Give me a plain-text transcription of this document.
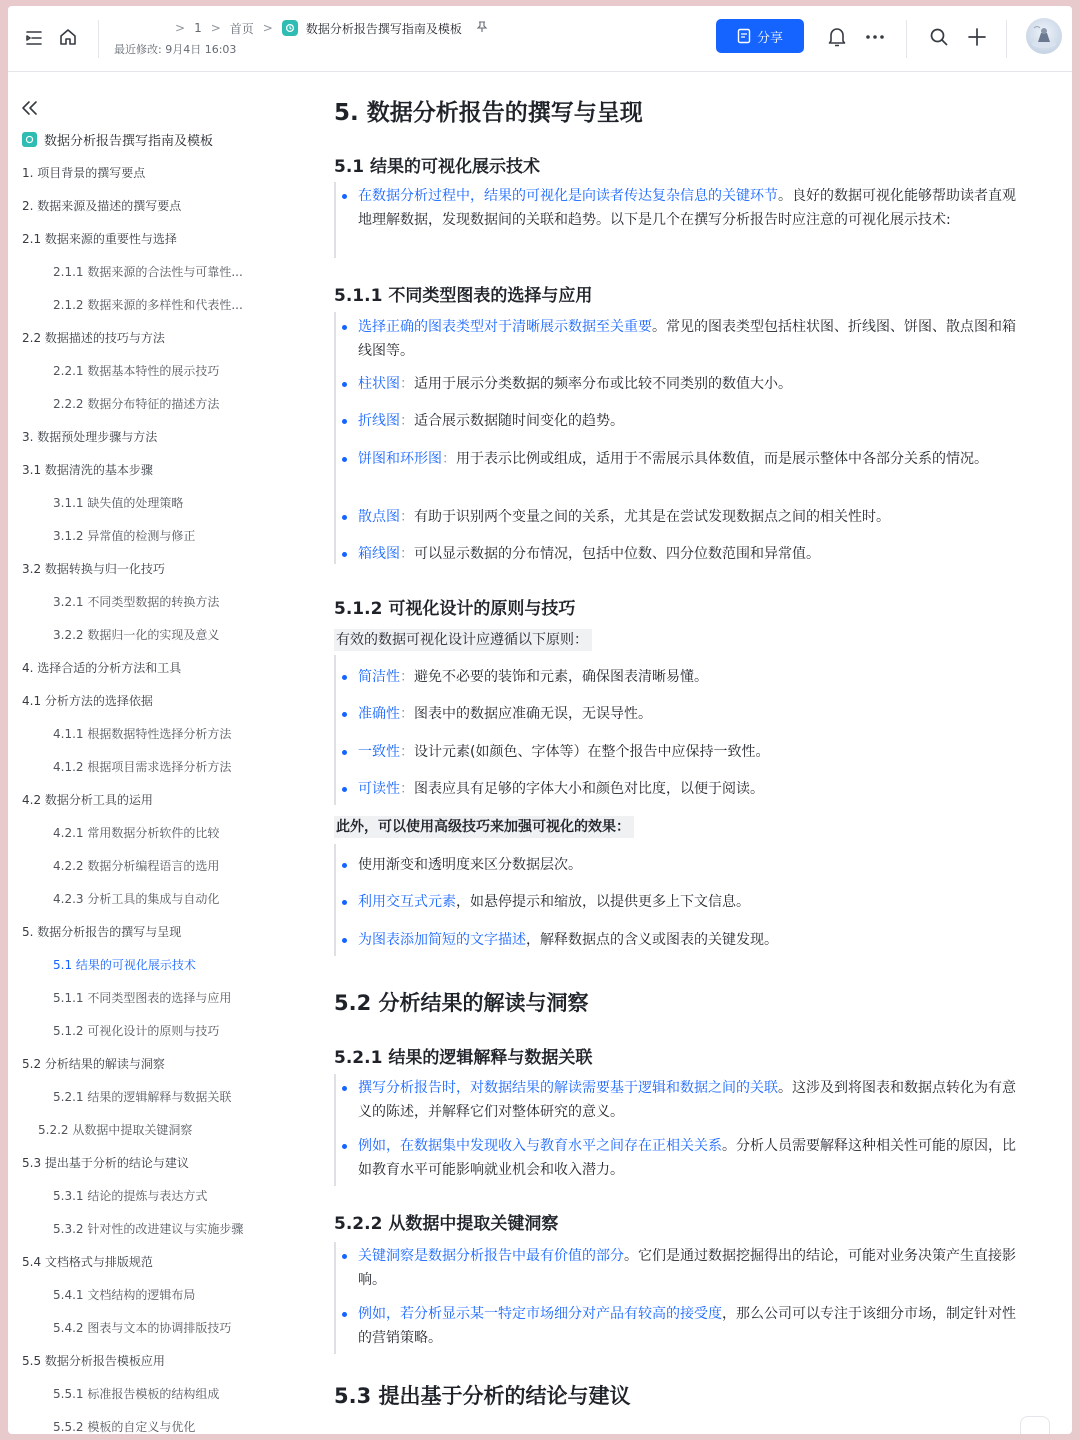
> 1 > 首页 >	数据分析报告撰写指南及模板
最近修改: 9月4日 16:03
分享
数据分析报告撰写指南及模板
1. 项目背景的撰写要点
2. 数据来源及描述的撰写要点
2.1 数据来源的重要性与选择
2.1.1 数据来源的合法性与可靠性...
2.1.2 数据来源的多样性和代表性...
2.2 数据描述的技巧与方法
2.2.1 数据基本特性的展示技巧
2.2.2 数据分布特征的描述方法
3. 数据预处理步骤与方法
3.1 数据清洗的基本步骤
3.1.1 缺失值的处理策略
3.1.2 异常值的检测与修正
3.2 数据转换与归一化技巧
3.2.1 不同类型数据的转换方法
3.2.2 数据归一化的实现及意义
4. 选择合适的分析方法和工具
4.1 分析方法的选择依据
4.1.1 根据数据特性选择分析方法
4.1.2 根据项目需求选择分析方法
4.2 数据分析工具的运用
4.2.1 常用数据分析软件的比较
4.2.2 数据分析编程语言的选用
4.2.3 分析工具的集成与自动化
5. 数据分析报告的撰写与呈现
5.1 结果的可视化展示技术
5.1.1 不同类型图表的选择与应用
5.1.2 可视化设计的原则与技巧
5.2 分析结果的解读与洞察
5.2.1 结果的逻辑解释与数据关联
5.2.2 从数据中提取关键洞察
5.3 提出基于分析的结论与建议
5.3.1 结论的提炼与表达方式
5.3.2 针对性的改进建议与实施步骤
5.4 文档格式与排版规范
5.4.1 文档结构的逻辑布局
5.4.2 图表与文本的协调排版技巧
5.5 数据分析报告模板应用
5.5.1 标准报告模板的结构组成
5.5.2 模板的自定义与优化
5. 数据分析报告的撰写与呈现
5.1 结果的可视化展示技术
在数据分析过程中，结果的可视化是向读者传达复杂信息的关键环节。良好的数据可视化能够帮助读者直观地理解数据，发现数据间的关联和趋势。以下是几个在撰写分析报告时应注意的可视化展示技术:
5.1.1 不同类型图表的选择与应用
选择正确的图表类型对于清晰展示数据至关重要。常见的图表类型包括柱状图、折线图、饼图、散点图和箱线图等。
柱状图：适用于展示分类数据的频率分布或比较不同类别的数值大小。
折线图：适合展示数据随时间变化的趋势。
饼图和环形图：用于表示比例或组成，适用于不需展示具体数值，而是展示整体中各部分关系的情况。
散点图：有助于识别两个变量之间的关系，尤其是在尝试发现数据点之间的相关性时。
箱线图：可以显示数据的分布情况，包括中位数、四分位数范围和异常值。
5.1.2 可视化设计的原则与技巧
有效的数据可视化设计应遵循以下原则：
简洁性：避免不必要的装饰和元素，确保图表清晰易懂。
准确性：图表中的数据应准确无误，无误导性。
一致性：设计元素(如颜色、字体等）在整个报告中应保持一致性。
可读性：图表应具有足够的字体大小和颜色对比度，以便于阅读。
此外，可以使用高级技巧来加强可视化的效果：
使用渐变和透明度来区分数据层次。
利用交互式元素，如悬停提示和缩放，以提供更多上下文信息。
为图表添加简短的文字描述，解释数据点的含义或图表的关键发现。
5.2 分析结果的解读与洞察
5.2.1 结果的逻辑解释与数据关联
撰写分析报告时，对数据结果的解读需要基于逻辑和数据之间的关联。这涉及到将图表和数据点转化为有意义的陈述，并解释它们对整体研究的意义。
例如，在数据集中发现收入与教育水平之间存在正相关关系。分析人员需要解释这种相关性可能的原因，比如教育水平可能影响就业机会和收入潜力。
5.2.2 从数据中提取关键洞察
关键洞察是数据分析报告中最有价值的部分。它们是通过数据挖掘得出的结论，可能对业务决策产生直接影响。
例如，若分析显示某一特定市场细分对产品有较高的接受度，那么公司可以专注于该细分市场，制定针对性的营销策略。
5.3 提出基于分析的结论与建议
